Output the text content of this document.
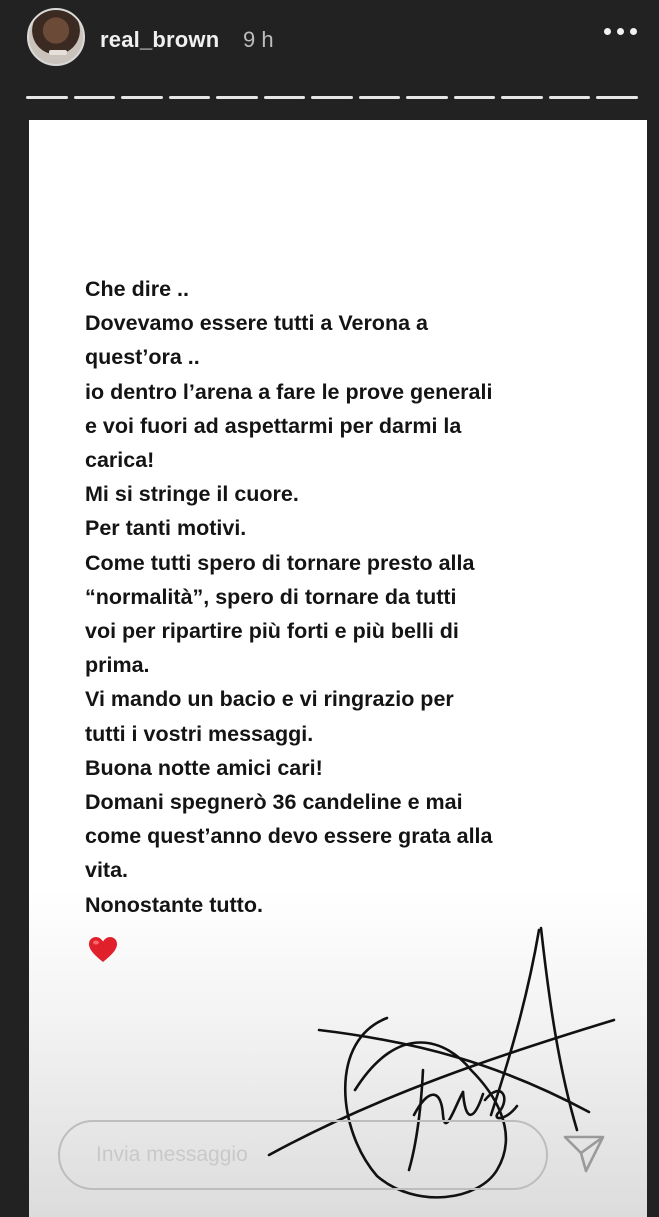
real_brown 9 h
Che dire ..
Dovevamo essere tutti a Verona a
quest’ora ..
io dentro l’arena a fare le prove generali
e voi fuori ad aspettarmi per darmi la
carica!
Mi si stringe il cuore.
Per tanti motivi.
Come tutti spero di tornare presto alla
“normalità”, spero di tornare da tutti
voi per ripartire più forti e più belli di
prima.
Vi mando un bacio e vi ringrazio per
tutti i vostri messaggi.
Buona notte amici cari!
Domani spegnerò 36 candeline e mai
come quest’anno devo essere grata alla
vita.
Nonostante tutto.
Invia messaggio
